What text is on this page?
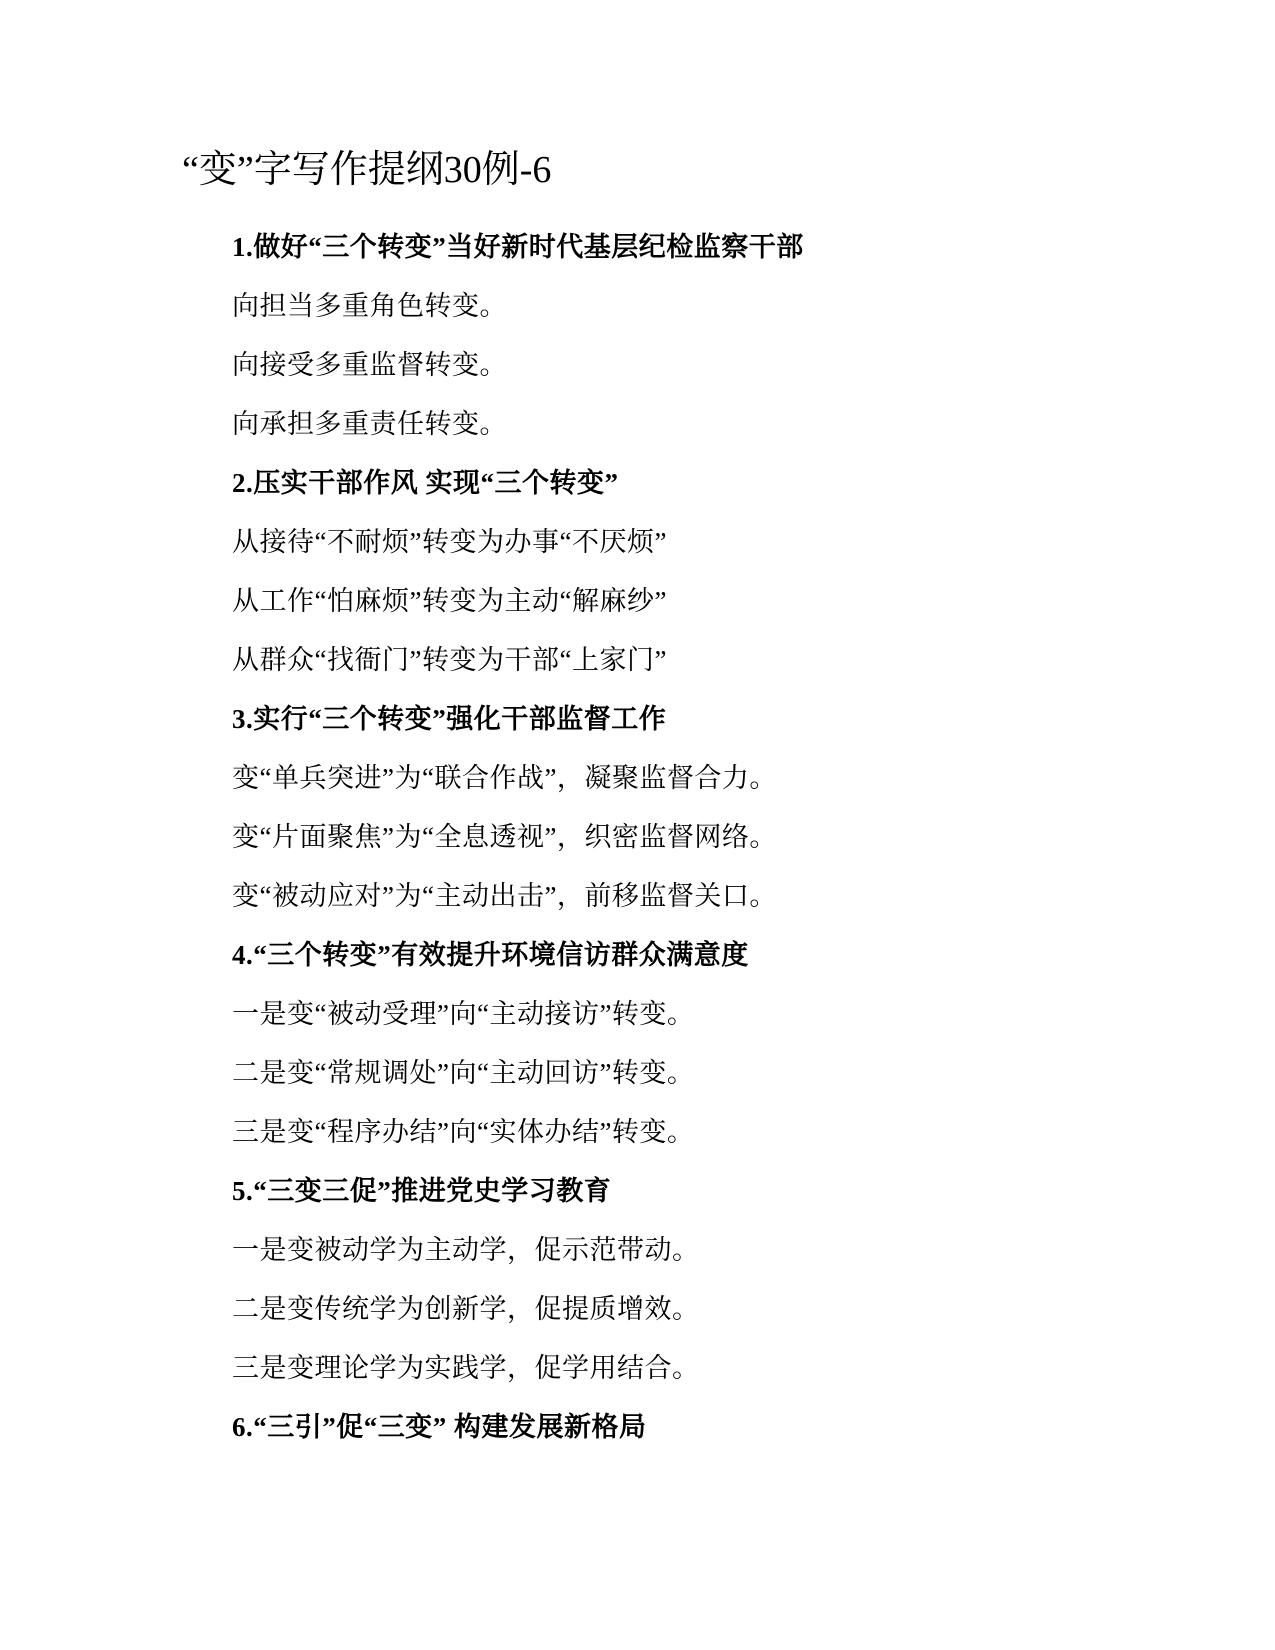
“变”字写作提纲30例-6
1.做好“三个转变”当好新时代基层纪检监察干部
向担当多重角色转变。
向接受多重监督转变。
向承担多重责任转变。
2.压实干部作风 实现“三个转变”
从接待“不耐烦”转变为办事“不厌烦”
从工作“怕麻烦”转变为主动“解麻纱”
从群众“找衙门”转变为干部“上家门”
3.实行“三个转变”强化干部监督工作
变“单兵突进”为“联合作战”，凝聚监督合力。
变“片面聚焦”为“全息透视”，织密监督网络。
变“被动应对”为“主动出击”，前移监督关口。
4.“三个转变”有效提升环境信访群众满意度
一是变“被动受理”向“主动接访”转变。
二是变“常规调处”向“主动回访”转变。
三是变“程序办结”向“实体办结”转变。
5.“三变三促”推进党史学习教育
一是变被动学为主动学，促示范带动。
二是变传统学为创新学，促提质增效。
三是变理论学为实践学，促学用结合。
6.“三引”促“三变” 构建发展新格局
